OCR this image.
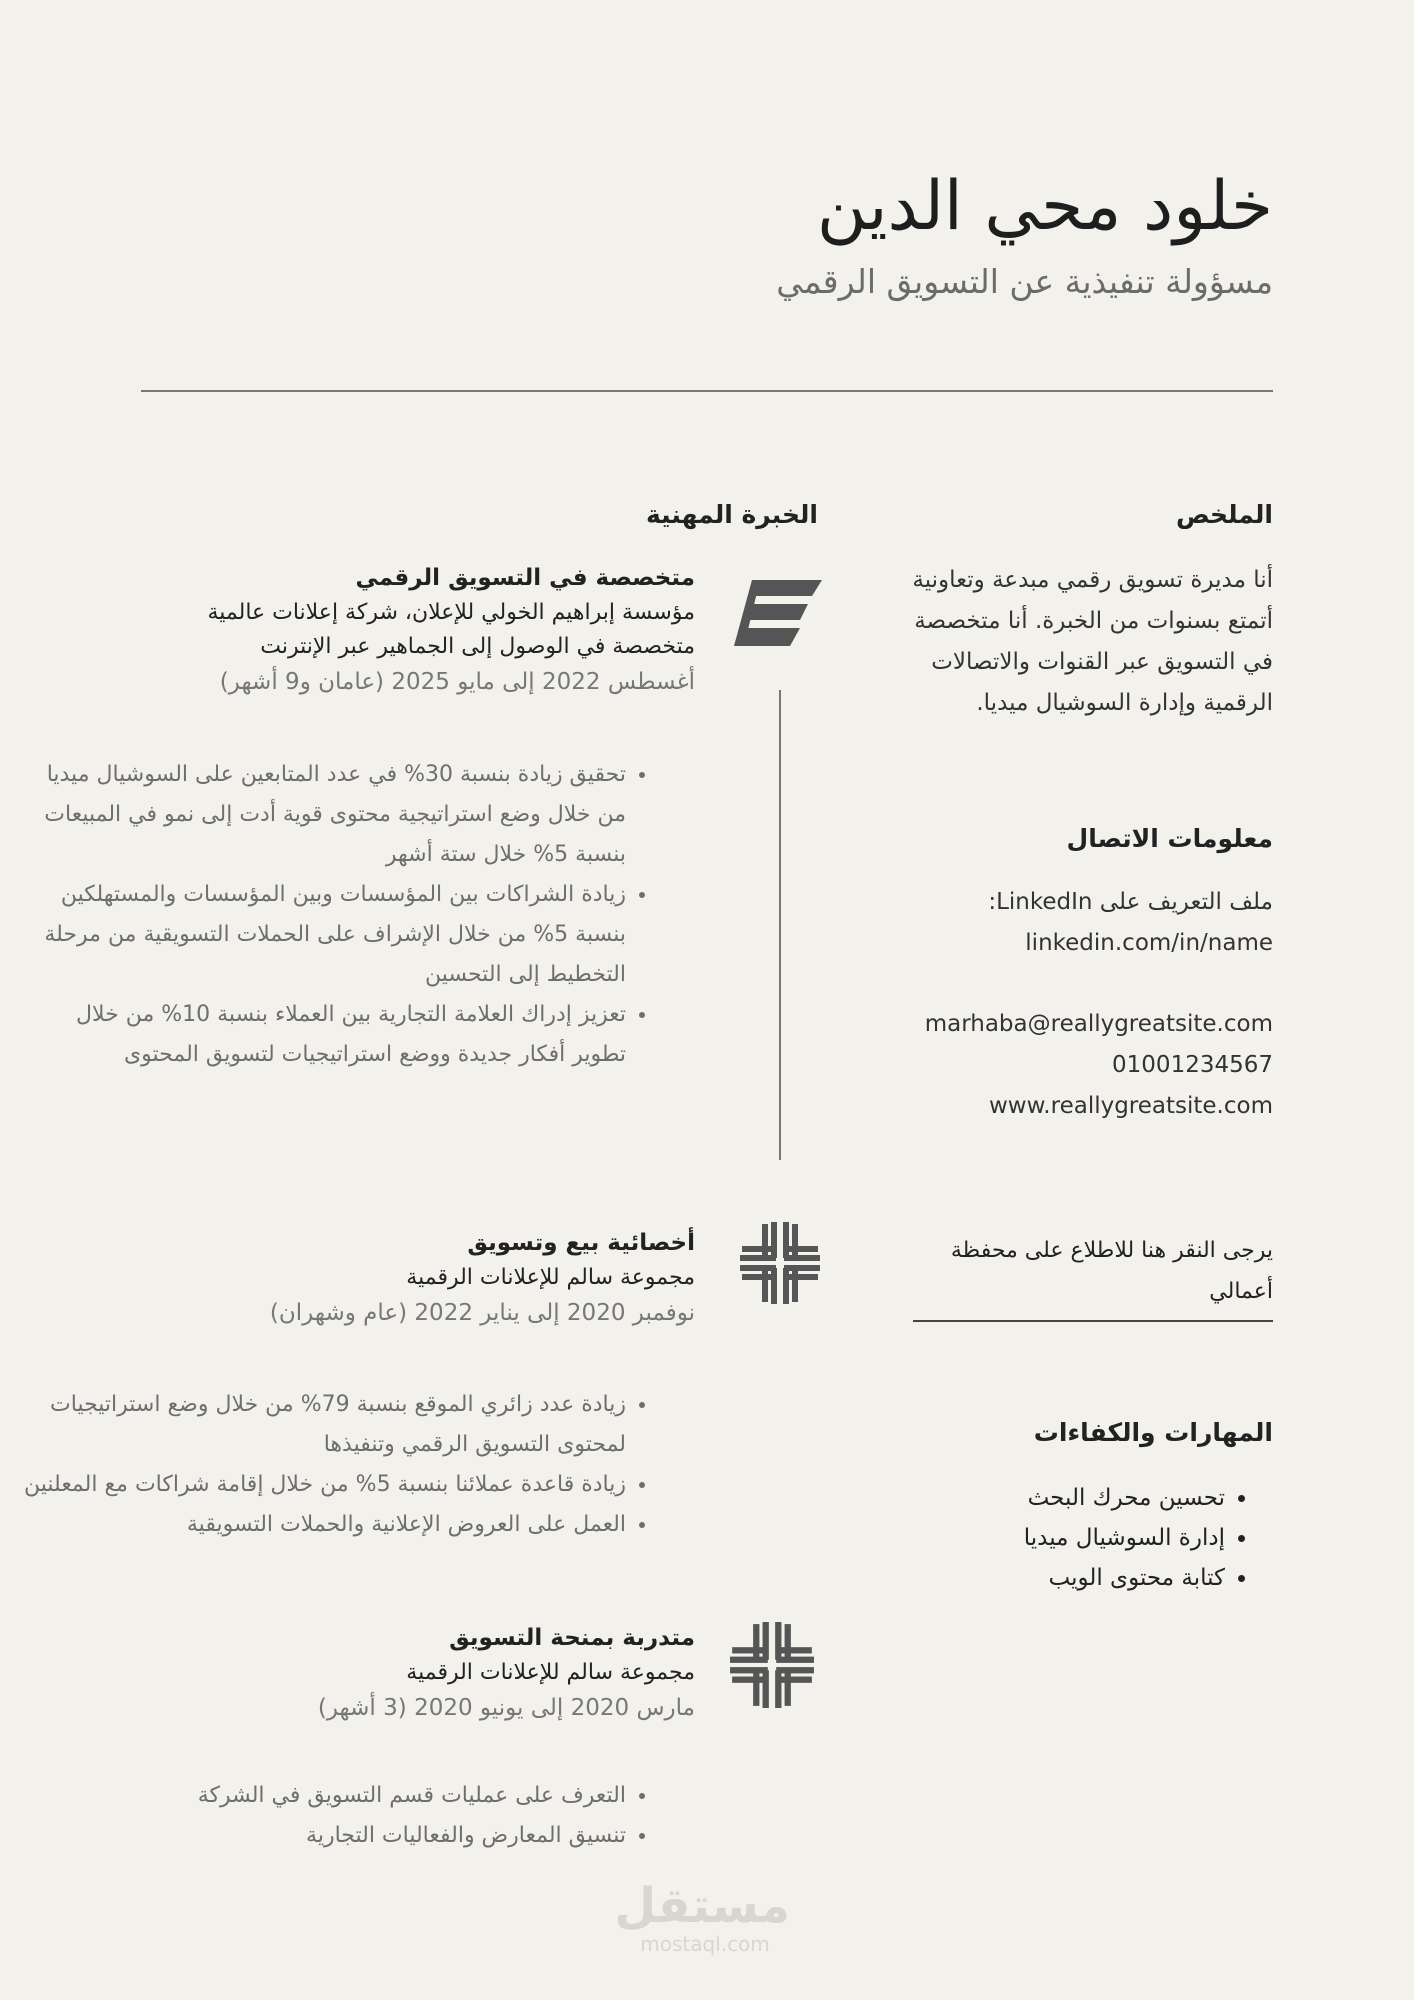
خلود محي الدين
مسؤولة تنفيذية عن التسويق الرقمي
الملخص
أنا مديرة تسويق رقمي مبدعة وتعاونية
أتمتع بسنوات من الخبرة. أنا متخصصة
في التسويق عبر القنوات والاتصالات
الرقمية وإدارة السوشيال ميديا.
معلومات الاتصال
ملف التعريف على LinkedIn:
linkedin.com/in/name
marhaba@reallygreatsite.com
01001234567
www.reallygreatsite.com
يرجى النقر هنا للاطلاع على محفظة
أعمالي
المهارات والكفاءات
• تحسين محرك البحث
• إدارة السوشيال ميديا
• كتابة محتوى الويب
الخبرة المهنية
متخصصة في التسويق الرقمي
مؤسسة إبراهيم الخولي للإعلان، شركة إعلانات عالمية
متخصصة في الوصول إلى الجماهير عبر الإنترنت
أغسطس 2022 إلى مايو 2025 (عامان و9 أشهر)
• تحقيق زيادة بنسبة 30% في عدد المتابعين على السوشيال ميديا من خلال وضع استراتيجية محتوى قوية أدت إلى نمو في المبيعات بنسبة 5% خلال ستة أشهر
• زيادة الشراكات بين المؤسسات وبين المؤسسات والمستهلكين بنسبة 5% من خلال الإشراف على الحملات التسويقية من مرحلة التخطيط إلى التحسين
• تعزيز إدراك العلامة التجارية بين العملاء بنسبة 10% من خلال تطوير أفكار جديدة ووضع استراتيجيات لتسويق المحتوى
أخصائية بيع وتسويق
مجموعة سالم للإعلانات الرقمية
نوفمبر 2020 إلى يناير 2022 (عام وشهران)
• زيادة عدد زائري الموقع بنسبة 79% من خلال وضع استراتيجيات لمحتوى التسويق الرقمي وتنفيذها
• زيادة قاعدة عملائنا بنسبة 5% من خلال إقامة شراكات مع المعلنين
• العمل على العروض الإعلانية والحملات التسويقية
متدربة بمنحة التسويق
مجموعة سالم للإعلانات الرقمية
مارس 2020 إلى يونيو 2020 (3 أشهر)
• التعرف على عمليات قسم التسويق في الشركة
• تنسيق المعارض والفعاليات التجارية
مستقل
mostaql.com
